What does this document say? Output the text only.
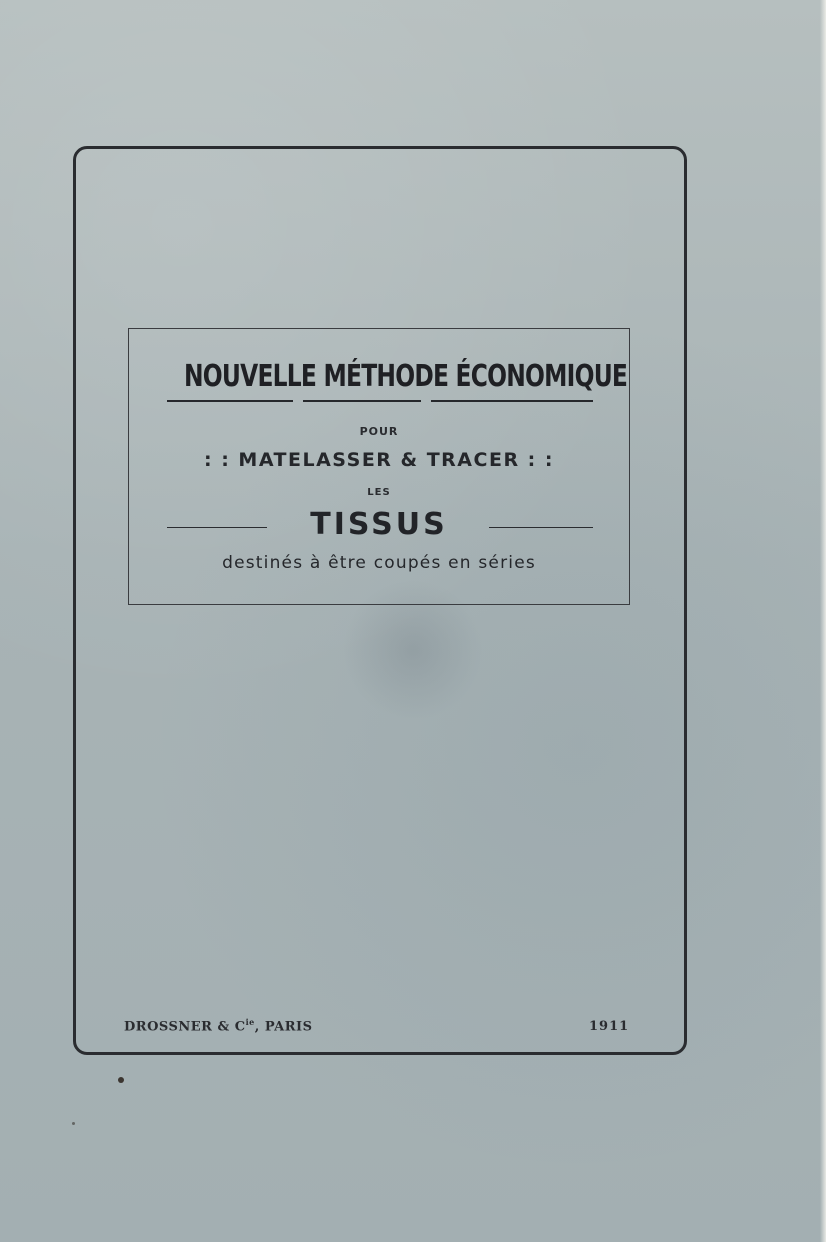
NOUVELLE MÉTHODE ÉCONOMIQUE
POUR
: : MATELASSER & TRACER : :
LES
TISSUS
destinés à être coupés en séries
DROSSNER & $C^{ie}$, PARIS	1911
